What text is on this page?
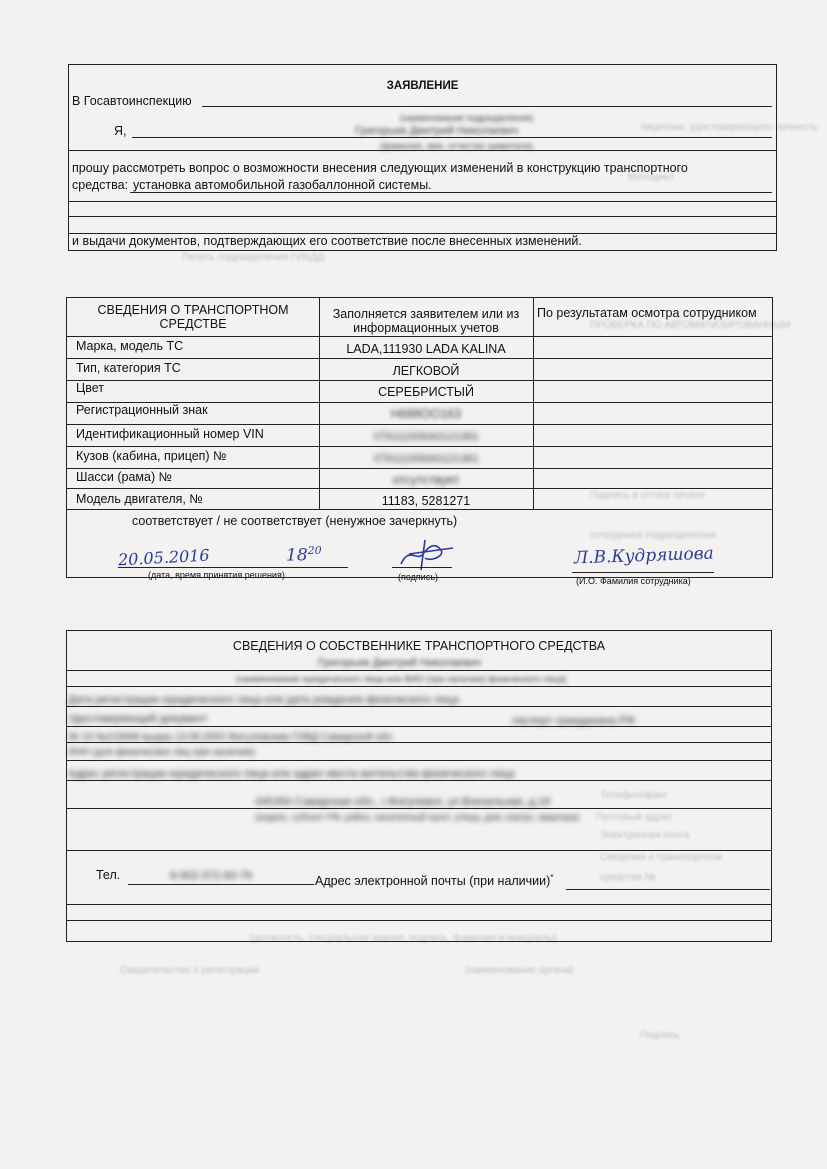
лицензии, удостоверяющего личность
Мотоцикл
Печать подразделения ГИБДД
ПРОВЕРКА ПО АВТОМАТИЗИРОВАННЫМ
Подпись и оттиск печати
сотрудника подразделения
Телефон/факс
Почтовый адрес
Электронная почта
Сведения о транспортном
средстве №
(должность, специальное звание, подпись, фамилия и инициалы)
(наименование органа)
Свидетельство о регистрации
Подпись
ЗАЯВЛЕНИЕ
В Госавтоинспекцию
(наименование подразделения)
Я,	Григорьев Дмитрий Николаевич
(фамилия, имя, отчество заявителя)
прошу рассмотреть вопрос о возможности внесения следующих изменений в конструкцию транспортного
средства: установка автомобильной газобаллонной системы.
и выдачи документов, подтверждающих его соответствие после внесенных изменений.
СВЕДЕНИЯ О ТРАНСПОРТНОМ СРЕДСТВЕ
Заполняется заявителем или из информационных учетов
По результатам осмотра сотрудником
Марка, модель ТС	LADA,111930 LADA KALINA
Тип, категория ТС	ЛЕГКОВОЙ
Цвет	СЕРЕБРИСТЫЙ
Регистрационный знак	Н688ОО163
Идентификационный номер VIN	XTA111930A0121361
Кузов (кабина, прицеп) №	XTA111930A0121361
Шасси (рама) №	отсутствует
Модель двигателя, №	11183, 5281271
соответствует / не соответствует (ненужное зачеркнуть)
20.05.2016	$18^{20}$	Л.В.Кудряшова
(дата, время принятия решения)	(подпись)	(И.О. Фамилия сотрудника)
СВЕДЕНИЯ О СОБСТВЕННИКЕ ТРАНСПОРТНОГО СРЕДСТВА
Григорьев Дмитрий Николаевич
(наименование юридического лица или ФИО (при наличии) физического лица)
Дата регистрации юридического лица или дата рождения физического лица
Удостоверяющий документ	паспорт гражданина РФ
36 10 №215690 выдан 13.09.2003 Жигулевским ГОВД Самарской обл.
ИНН (для физических лиц при наличии)
Адрес регистрации юридического лица или адрес места жительства физического лица
445350 Самарская обл., г.Жигулевск, ул.Вокзальная, д.16
(индекс, субъект РФ, район, населенный пункт, улица, дом, корпус, квартира)
Тел.	8-902-372-83-79	Адрес электронной почты (при наличии)*
